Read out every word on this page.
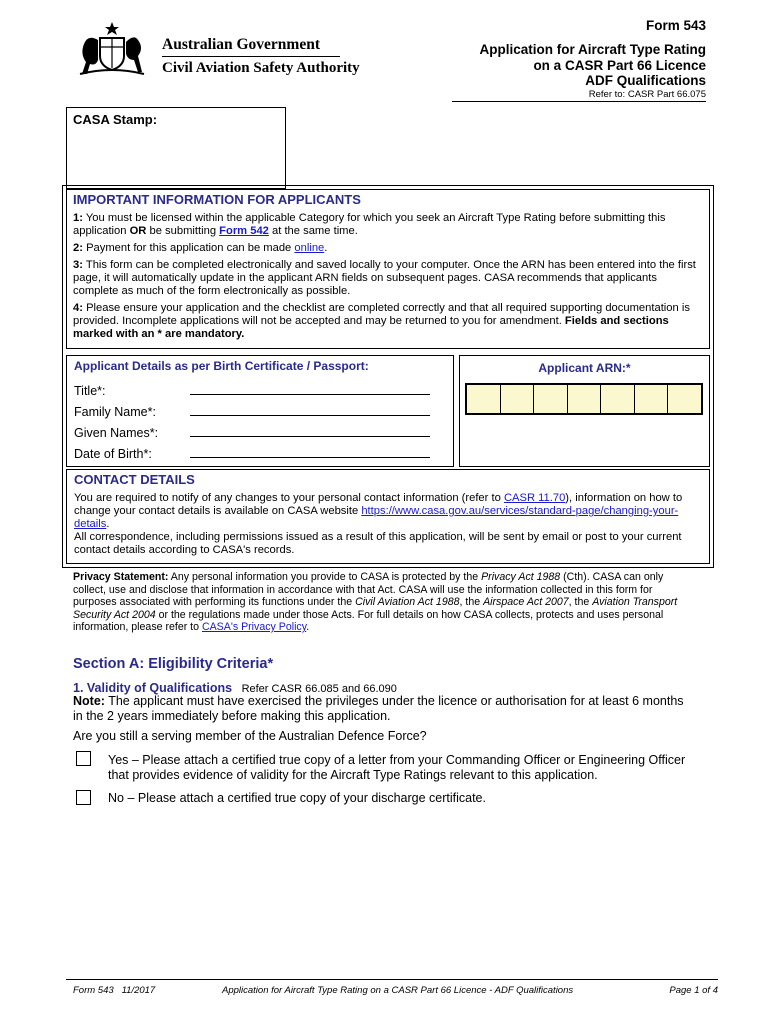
Australian Government
Civil Aviation Safety Authority
Form 543
Application for Aircraft Type Rating
on a CASR Part 66 Licence
ADF Qualifications
Refer to: CASR Part 66.075
CASA Stamp:
IMPORTANT INFORMATION FOR APPLICANTS

1: You must be licensed within the applicable Category for which you seek an Aircraft Type Rating before submitting this application OR be submitting Form 542 at the same time.

2: Payment for this application can be made online.

3: This form can be completed electronically and saved locally to your computer. Once the ARN has been entered into the first page, it will automatically update in the applicant ARN fields on subsequent pages. CASA recommends that applicants complete as much of the form electronically as possible.

4: Please ensure your application and the checklist are completed correctly and that all required supporting documentation is provided. Incomplete applications will not be accepted and may be returned to you for amendment. Fields and sections marked with an * are mandatory.

Applicant Details as per Birth Certificate / Passport:
Title*:
Family Name*:
Given Names*:
Date of Birth*:
Applicant ARN:*
CONTACT DETAILS

You are required to notify of any changes to your personal contact information (refer to CASR 11.70), information on how to change your contact details is available on CASA website https://www.casa.gov.au/services/standard-page/changing-your-details.

All correspondence, including permissions issued as a result of this application, will be sent by email or post to your current contact details according to CASA's records.

Privacy Statement: Any personal information you provide to CASA is protected by the Privacy Act 1988 (Cth). CASA can only collect, use and disclose that information in accordance with that Act. CASA will use the information collected in this form for purposes associated with performing its functions under the Civil Aviation Act 1988, the Airspace Act 2007, the Aviation Transport Security Act 2004 or the regulations made under those Acts. For full details on how CASA collects, protects and uses personal information, please refer to CASA's Privacy Policy.

Section A: Eligibility Criteria*
1. Validity of Qualifications Refer CASR 66.085 and 66.090
Note: The applicant must have exercised the privileges under the licence or authorisation for at least 6 months in the 2 years immediately before making this application.
Are you still a serving member of the Australian Defence Force?
Yes – Please attach a certified true copy of a letter from your Commanding Officer or Engineering Officer that provides evidence of validity for the Aircraft Type Ratings relevant to this application.
No – Please attach a certified true copy of your discharge certificate.
Form 543   11/2017	Application for Aircraft Type Rating on a CASR Part 66 Licence - ADF Qualifications	Page 1 of 4
